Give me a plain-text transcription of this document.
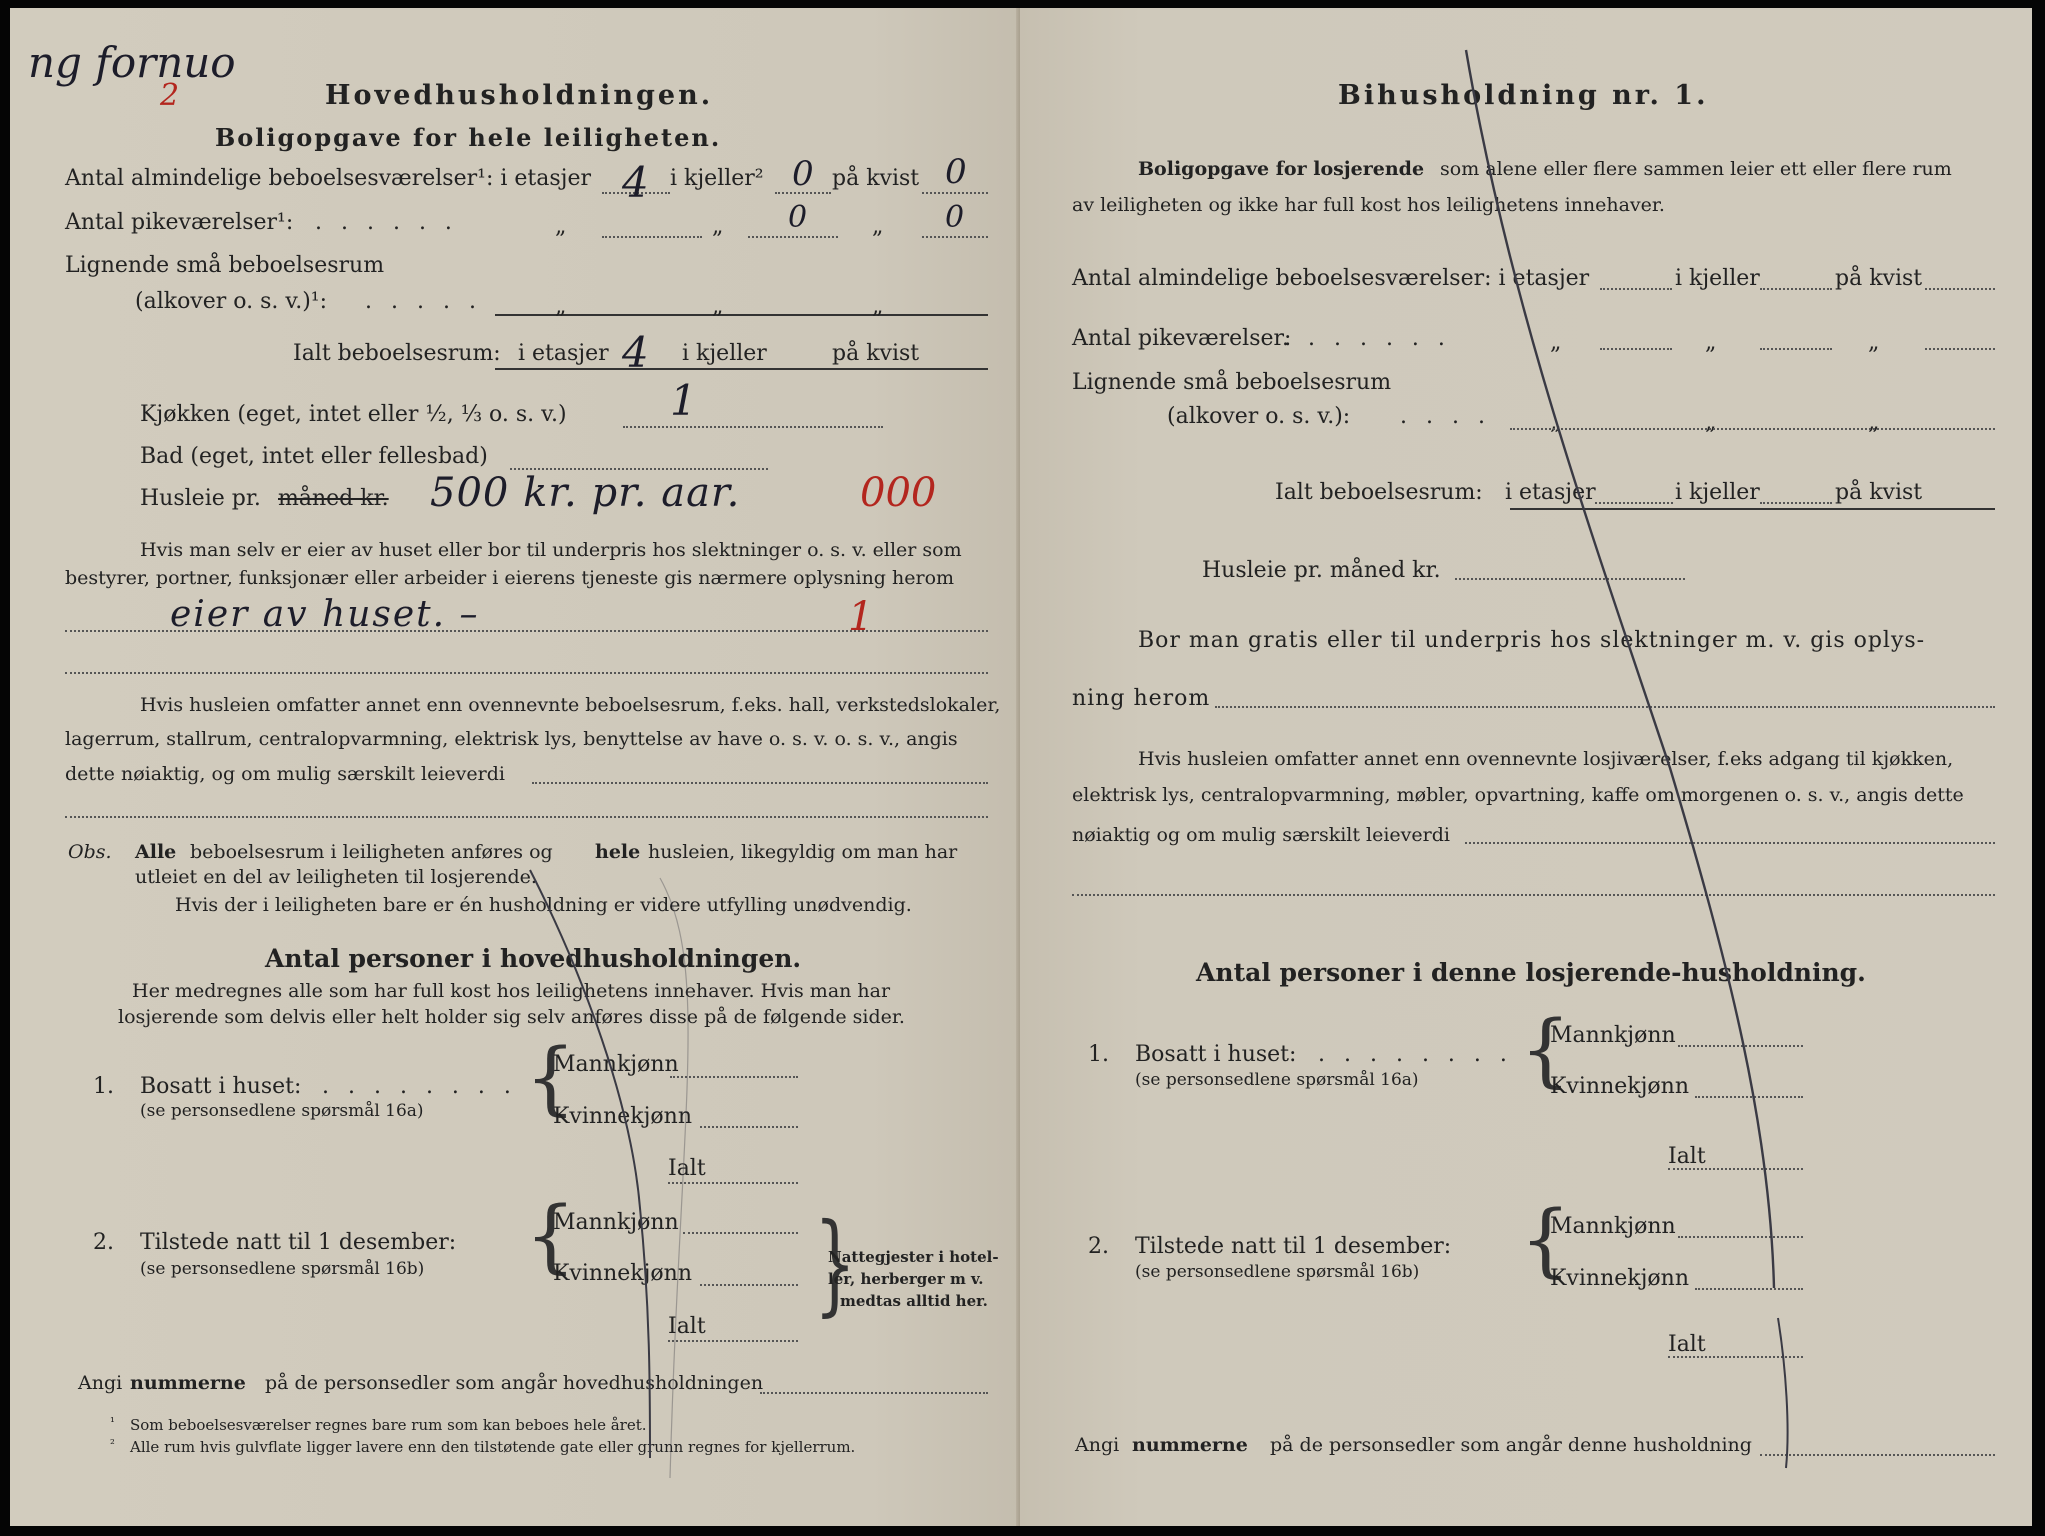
ng fornuo
2	Hovedhusholdningen.
Boligopgave for hele leiligheten.
Antal almindelige beboelsesværelser¹: i etasjer 4 i kjeller² 0 på kvist 0
Antal pikeværelser¹: . . . . . .	„	„ 0	„ 0
Lignende små beboelsesrum
(alkover o. s. v.)¹: . . . . .	„	„	„
Ialt beboelsesrum: i etasjer 4 i kjeller	på kvist
Kjøkken (eget, intet eller ½, ⅓ o. s. v.) 1
Bad (eget, intet eller fellesbad)
Husleie pr. måned kr. 500 kr. pr. aar.	000
Hvis man selv er eier av huset eller bor til underpris hos slektninger o. s. v. eller som
bestyrer, portner, funksjonær eller arbeider i eierens tjeneste gis nærmere oplysning herom
eier av huset. –	1
Hvis husleien omfatter annet enn ovennevnte beboelsesrum, f.eks. hall, verkstedslokaler,
lagerrum, stallrum, centralopvarmning, elektrisk lys, benyttelse av have o. s. v. o. s. v., angis
dette nøiaktig, og om mulig særskilt leieverdi
Obs. Alle beboelsesrum i leiligheten anføres og hele husleien, likegyldig om man har
utleiet en del av leiligheten til losjerende.
Hvis der i leiligheten bare er én husholdning er videre utfylling unødvendig.
Antal personer i hovedhusholdningen.
Her medregnes alle som har full kost hos leilighetens innehaver. Hvis man har
losjerende som delvis eller helt holder sig selv anføres disse på de følgende sider.
1. Bosatt i huset: . . . . . . . .
(se personsedlene spørsmål 16a) {
Mannkjønn
Kvinnekjønn
Ialt
2. Tilstede natt til 1 desember:
(se personsedlene spørsmål 16b) {
Mannkjønn
Kvinnekjønn
Ialt }
Nattegjester i hotel-
ler, herberger m v.
medtas alltid her.
Angi nummerne på de personsedler som angår hovedhusholdningen
¹ Som beboelsesværelser regnes bare rum som kan beboes hele året.
² Alle rum hvis gulvflate ligger lavere enn den tilstøtende gate eller grunn regnes for kjellerrum.
Bihusholdning nr. 1.
Boligopgave for losjerende som alene eller flere sammen leier ett eller flere rum
av leiligheten og ikke har full kost hos leilighetens innehaver.
Antal almindelige beboelsesværelser: i etasjer	i kjeller	på kvist
Antal pikeværelser:
. . . . . . .	„	„	„
Lignende små beboelsesrum
(alkover o. s. v.): . . . .	„	„	„
Ialt beboelsesrum: i etasjer	i kjeller	på kvist
Husleie pr. måned kr.
Bor man gratis eller til underpris hos slektninger m. v. gis oplys-
ning herom
Hvis husleien omfatter annet enn ovennevnte losjiværelser, f.eks adgang til kjøkken,
elektrisk lys, centralopvarmning, møbler, opvartning, kaffe om morgenen o. s. v., angis dette
nøiaktig og om mulig særskilt leieverdi
Antal personer i denne losjerende-husholdning.
1. Bosatt i huset: . . . . . . . .
(se personsedlene spørsmål 16a) {
Mannkjønn
Kvinnekjønn
Ialt
2. Tilstede natt til 1 desember:
(se personsedlene spørsmål 16b) {
Mannkjønn
Kvinnekjønn
Ialt
Angi nummerne på de personsedler som angår denne husholdning
